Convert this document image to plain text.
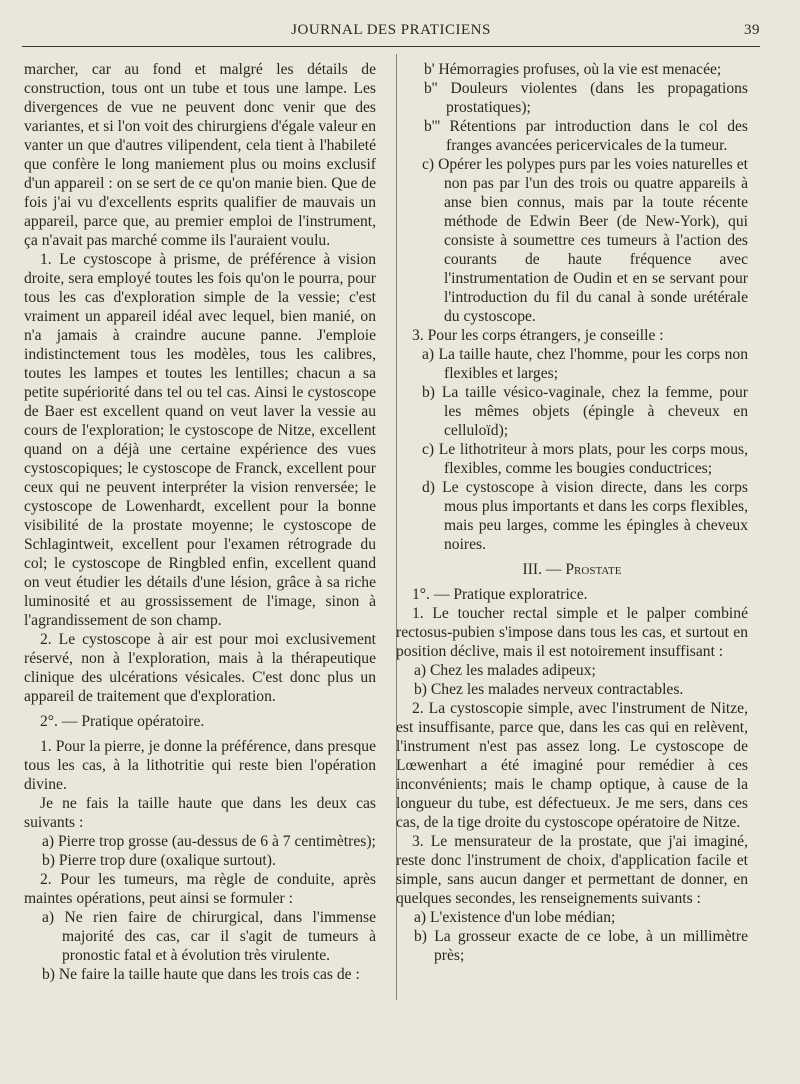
JOURNAL DES PRATICIENS	39

marcher, car au fond et malgré les détails de construction, tous ont un tube et tous une lampe. Les divergences de vue ne peuvent donc venir que des variantes, et si l'on voit des chirurgiens d'égale valeur en vanter un que d'autres vilipendent, cela tient à l'habileté que confère le long maniement plus ou moins exclusif d'un appareil : on se sert de ce qu'on manie bien. Que de fois j'ai vu d'excellents esprits qualifier de mauvais un appareil, parce que, au premier emploi de l'instrument, ça n'avait pas marché comme ils l'auraient voulu.

1. Le cystoscope à prisme, de préférence à vision droite, sera employé toutes les fois qu'on le pourra, pour tous les cas d'exploration simple de la vessie; c'est vraiment un appareil idéal avec lequel, bien manié, on n'a jamais à craindre aucune panne. J'emploie indistinctement tous les modèles, tous les calibres, toutes les lampes et toutes les lentilles; chacun a sa petite supériorité dans tel ou tel cas. Ainsi le cystoscope de Baer est excellent quand on veut laver la vessie au cours de l'exploration; le cystoscope de Nitze, excellent quand on a déjà une certaine expérience des vues cystoscopiques; le cystoscope de Franck, excellent pour ceux qui ne peuvent interpréter la vision renversée; le cystoscope de Lowenhardt, excellent pour la bonne visibilité de la prostate moyenne; le cystoscope de Schlagintweit, excellent pour l'examen rétrograde du col; le cystoscope de Ringbled enfin, excellent quand on veut étudier les détails d'une lésion, grâce à sa riche luminosité et au grossissement de l'image, sinon à l'agrandissement de son champ.

2. Le cystoscope à air est pour moi exclusivement réservé, non à l'exploration, mais à la thérapeutique clinique des ulcérations vésicales. C'est donc plus un appareil de traitement que d'exploration.

2°. — Pratique opératoire.

1. Pour la pierre, je donne la préférence, dans presque tous les cas, à la lithotritie qui reste bien l'opération divine.

Je ne fais la taille haute que dans les deux cas suivants :

a) Pierre trop grosse (au-dessus de 6 à 7 centimètres);

b) Pierre trop dure (oxalique surtout).

2. Pour les tumeurs, ma règle de conduite, après maintes opérations, peut ainsi se formuler :

a) Ne rien faire de chirurgical, dans l'immense majorité des cas, car il s'agit de tumeurs à pronostic fatal et à évolution très virulente.

b) Ne faire la taille haute que dans les trois cas de :

b' Hémorragies profuses, où la vie est menacée;

b'' Douleurs violentes (dans les propagations prostatiques);

b''' Rétentions par introduction dans le col des franges avancées pericervicales de la tumeur.

c) Opérer les polypes purs par les voies naturelles et non pas par l'un des trois ou quatre appareils à anse bien connus, mais par la toute récente méthode de Edwin Beer (de New-York), qui consiste à soumettre ces tumeurs à l'action des courants de haute fréquence avec l'instrumentation de Oudin et en se servant pour l'introduction du fil du canal à sonde urétérale du cystoscope.

3. Pour les corps étrangers, je conseille :

a) La taille haute, chez l'homme, pour les corps non flexibles et larges;

b) La taille vésico-vaginale, chez la femme, pour les mêmes objets (épingle à cheveux en celluloïd);

c) Le lithotriteur à mors plats, pour les corps mous, flexibles, comme les bougies conductrices;

d) Le cystoscope à vision directe, dans les corps mous plus importants et dans les corps flexibles, mais peu larges, comme les épingles à cheveux noires.

III. — Prostate

1°. — Pratique exploratrice.

1. Le toucher rectal simple et le palper combiné rectosus-pubien s'impose dans tous les cas, et surtout en position déclive, mais il est notoirement insuffisant :

a) Chez les malades adipeux;

b) Chez les malades nerveux contractables.

2. La cystoscopie simple, avec l'instrument de Nitze, est insuffisante, parce que, dans les cas qui en relèvent, l'instrument n'est pas assez long. Le cystoscope de Lœwenhart a été imaginé pour remédier à ces inconvénients; mais le champ optique, à cause de la longueur du tube, est défectueux. Je me sers, dans ces cas, de la tige droite du cystoscope opératoire de Nitze.

3. Le mensurateur de la prostate, que j'ai imaginé, reste donc l'instrument de choix, d'application facile et simple, sans aucun danger et permettant de donner, en quelques secondes, les renseignements suivants :

a) L'existence d'un lobe médian;

b) La grosseur exacte de ce lobe, à un millimètre près;
